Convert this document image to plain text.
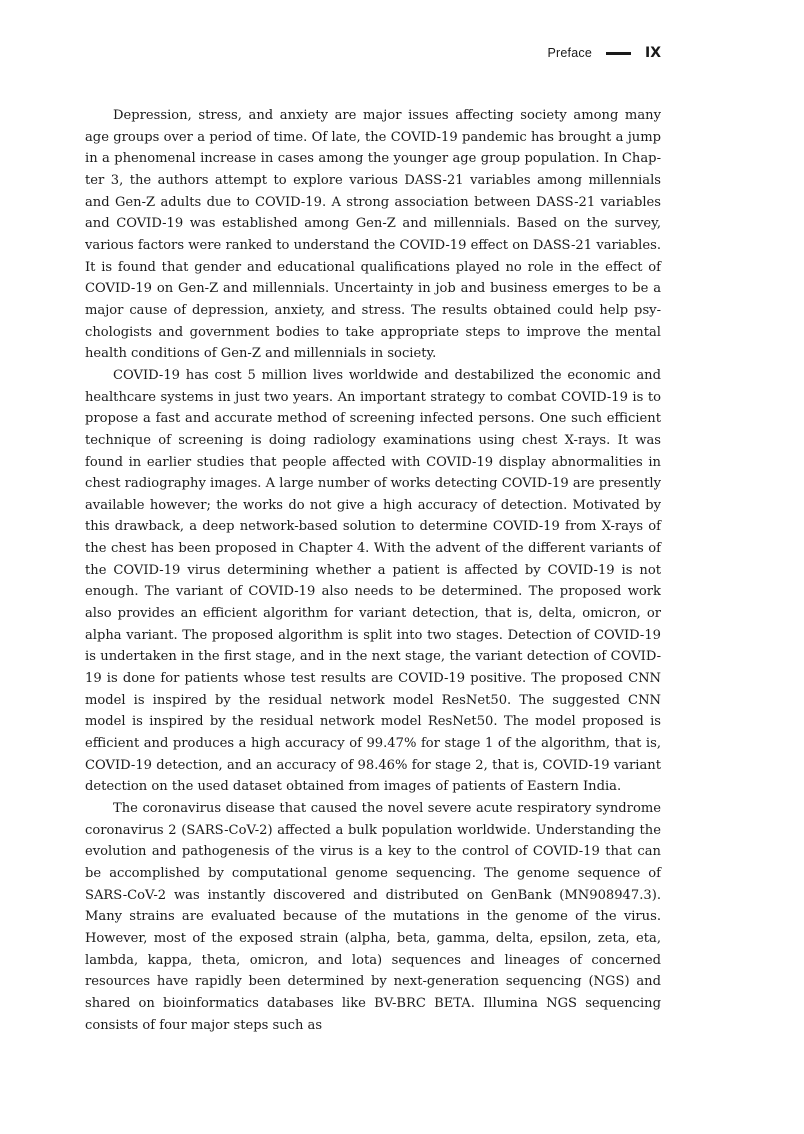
Preface	IX

Depression, stress, and anxiety are major issues affecting society among many age groups over a period of time. Of late, the COVID-19 pandemic has brought a jump in a phenomenal increase in cases among the younger age group population. In Chapter 3, the authors attempt to explore various DASS-21 variables among millennials and Gen-Z adults due to COVID-19. A strong association between DASS-21 variables and COVID-19 was established among Gen-Z and millennials. Based on the survey, various factors were ranked to understand the COVID-19 effect on DASS-21 variables. It is found that gender and educational qualifications played no role in the effect of COVID-19 on Gen-Z and millennials. Uncertainty in job and business emerges to be a major cause of depression, anxiety, and stress. The results obtained could help psychologists and government bodies to take appropriate steps to improve the mental health conditions of Gen-Z and millennials in society.

COVID-19 has cost 5 million lives worldwide and destabilized the economic and healthcare systems in just two years. An important strategy to combat COVID-19 is to propose a fast and accurate method of screening infected persons. One such efficient technique of screening is doing radiology examinations using chest X-rays. It was found in earlier studies that people affected with COVID-19 display abnormalities in chest radiography images. A large number of works detecting COVID-19 are presently available however; the works do not give a high accuracy of detection. Motivated by this drawback, a deep network-based solution to determine COVID-19 from X-rays of the chest has been proposed in Chapter 4. With the advent of the different variants of the COVID-19 virus determining whether a patient is affected by COVID-19 is not enough. The variant of COVID-19 also needs to be determined. The proposed work also provides an efficient algorithm for variant detection, that is, delta, omicron, or alpha variant. The proposed algorithm is split into two stages. Detection of COVID-19 is undertaken in the first stage, and in the next stage, the variant detection of COVID-19 is done for patients whose test results are COVID-19 positive. The proposed CNN model is inspired by the residual network model ResNet50. The suggested CNN model is inspired by the residual network model ResNet50. The model proposed is efficient and produces a high accuracy of 99.47% for stage 1 of the algorithm, that is, COVID-19 detection, and an accuracy of 98.46% for stage 2, that is, COVID-19 variant detection on the used dataset obtained from images of patients of Eastern India.

The coronavirus disease that caused the novel severe acute respiratory syndrome coronavirus 2 (SARS-CoV-2) affected a bulk population worldwide. Understanding the evolution and pathogenesis of the virus is a key to the control of COVID-19 that can be accomplished by computational genome sequencing. The genome sequence of SARS-CoV-2 was instantly discovered and distributed on GenBank (MN908947.3). Many strains are evaluated because of the mutations in the genome of the virus. However, most of the exposed strain (alpha, beta, gamma, delta, epsilon, zeta, eta, lambda, kappa, theta, omicron, and lota) sequences and lineages of concerned resources have rapidly been determined by next-generation sequencing (NGS) and shared on bioinformatics databases like BV-BRC BETA. Illumina NGS sequencing consists of four major steps such as
